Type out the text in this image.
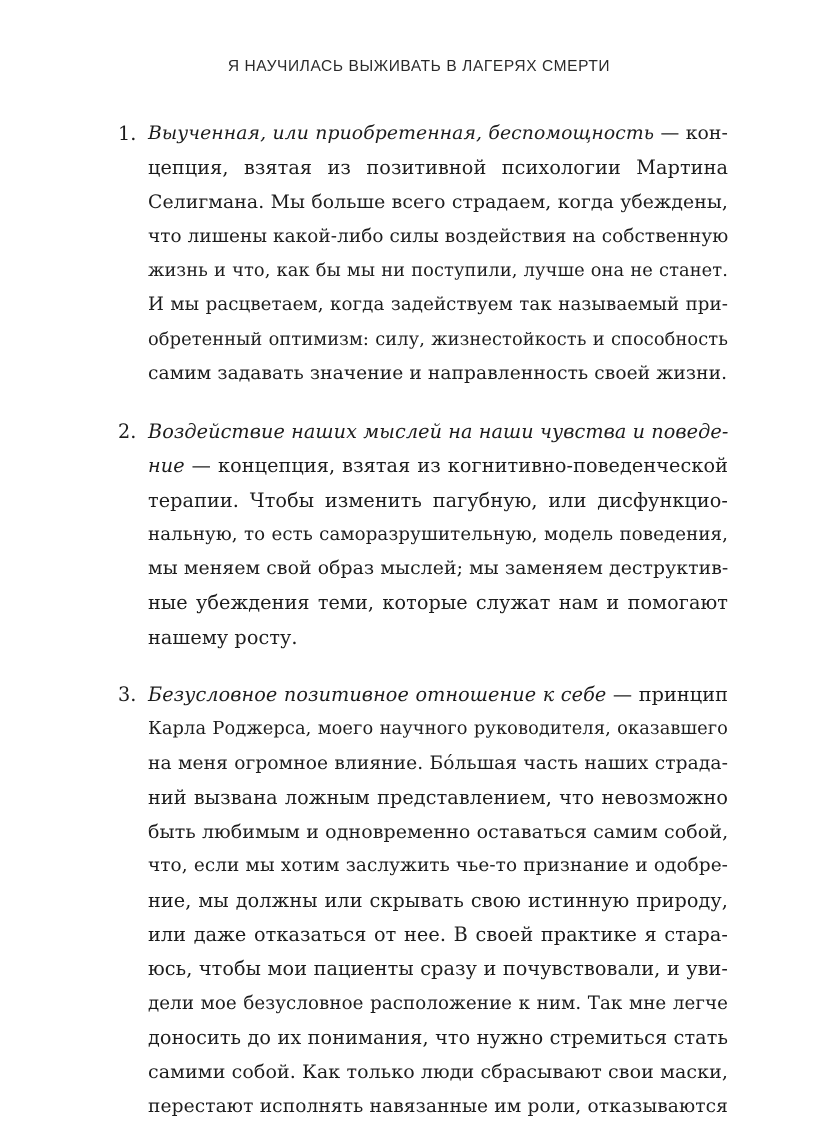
Я НАУЧИЛАСЬ ВЫЖИВАТЬ В ЛАГЕРЯХ СМЕРТИ
1. Выученная, или приобретенная, беспомощность — кон-
цепция, взятая из позитивной психологии Мартина
Селигмана. Мы больше всего страдаем, когда убеждены,
что лишены какой-либо силы воздействия на собственную
жизнь и что, как бы мы ни поступили, лучше она не станет.
И мы расцветаем, когда задействуем так называемый при-
обретенный оптимизм: силу, жизнестойкость и способность
самим задавать значение и направленность своей жизни.
2. Воздействие наших мыслей на наши чувства и поведе-
ние — концепция, взятая из когнитивно-поведенческой
терапии. Чтобы изменить пагубную, или дисфункцио-
нальную, то есть саморазрушительную, модель поведения,
мы меняем свой образ мыслей; мы заменяем деструктив-
ные убеждения теми, которые служат нам и помогают
нашему росту.
3. Безусловное позитивное отношение к себе — принцип
Карла Роджерса, моего научного руководителя, оказавшего
на меня огромное влияние. Бóльшая часть наших страда-
ний вызвана ложным представлением, что невозможно
быть любимым и одновременно оставаться самим собой,
что, если мы хотим заслужить чье-то признание и одобре-
ние, мы должны или скрывать свою истинную природу,
или даже отказаться от нее. В своей практике я стара-
юсь, чтобы мои пациенты сразу и почувствовали, и уви-
дели мое безусловное расположение к ним. Так мне легче
доносить до их понимания, что нужно стремиться стать
самими собой. Как только люди сбрасывают свои маски,
перестают исполнять навязанные им роли, отказываются
